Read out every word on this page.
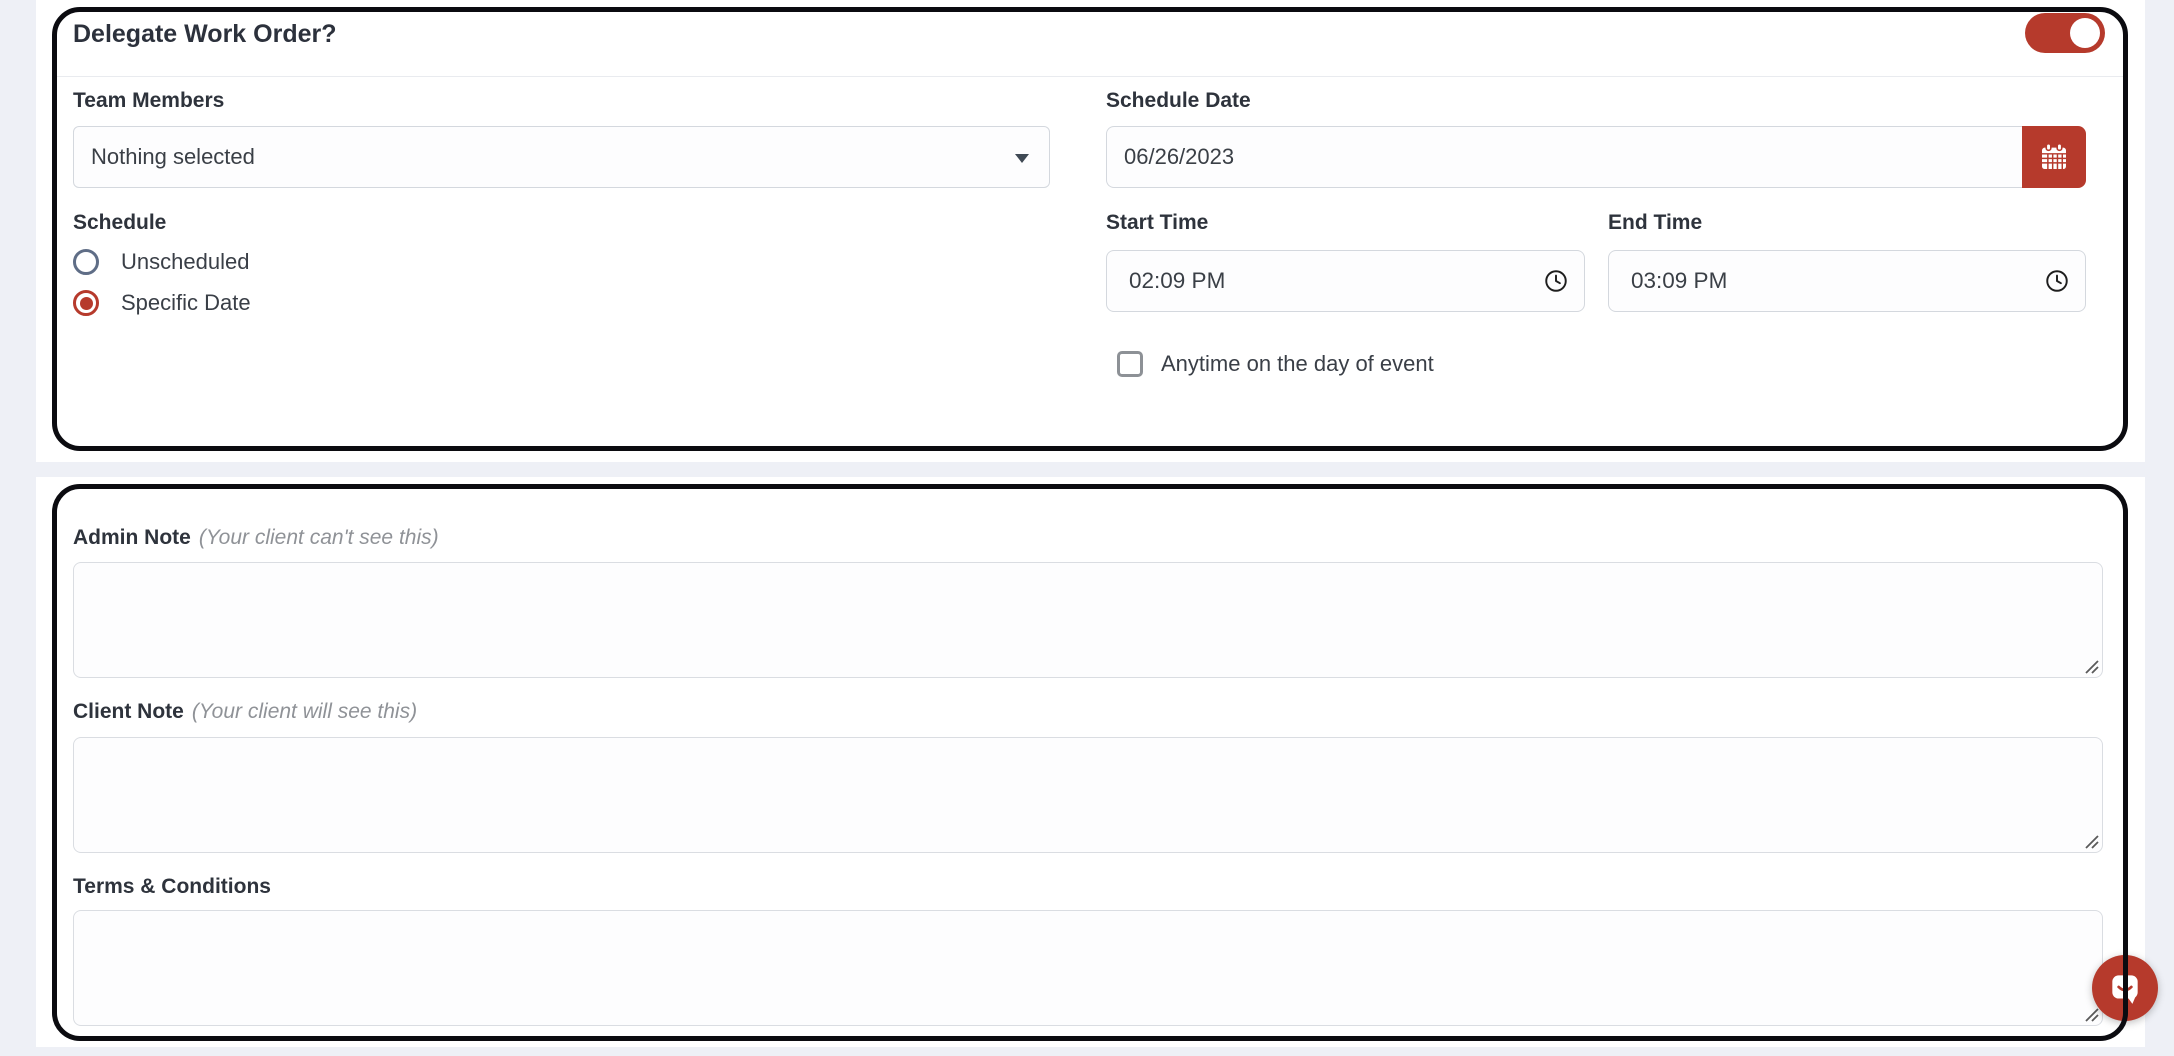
Delegate Work Order?
Team Members
Nothing selected
Schedule Date
06/26/2023
Schedule
Unscheduled
Specific Date
Start Time	End Time
02:09 PM
03:09 PM
Anytime on the day of event
Admin Note (Your client can't see this)
Client Note (Your client will see this)
Terms & Conditions
